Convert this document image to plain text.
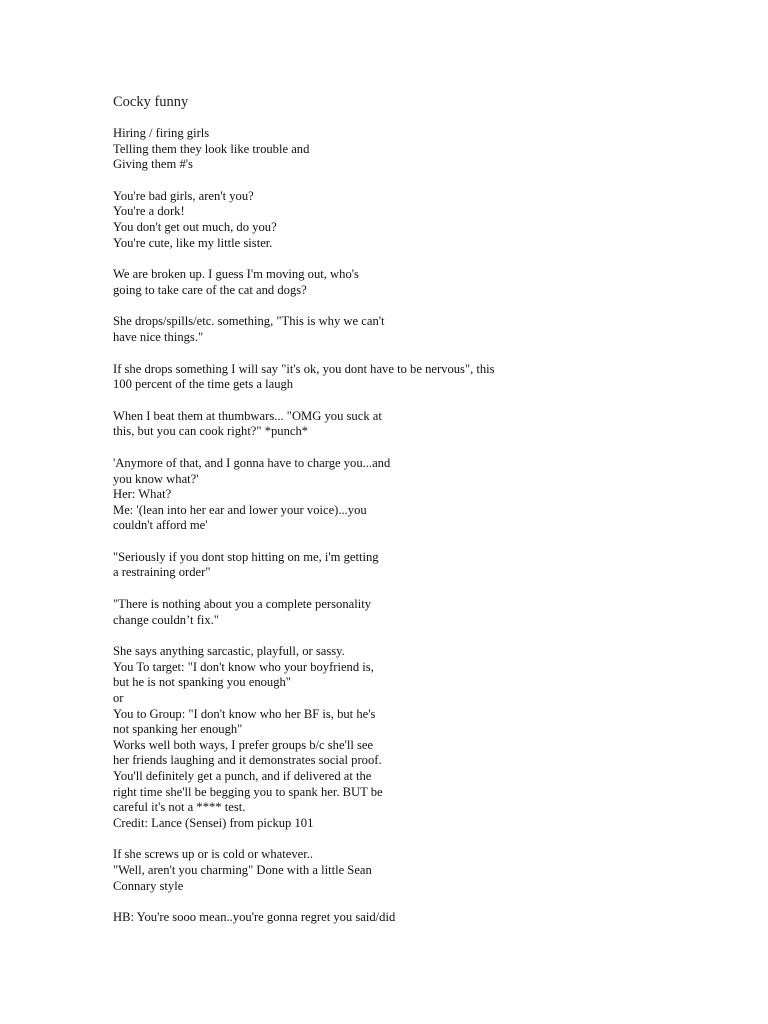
Cocky funny
Hiring / firing girls
Telling them they look like trouble and
Giving them #'s
You're bad girls, aren't you?
You're a dork!
You don't get out much, do you?
You're cute, like my little sister.
We are broken up. I guess I'm moving out, who's
going to take care of the cat and dogs?
She drops/spills/etc. something, "This is why we can't
have nice things."
If she drops something I will say "it's ok, you dont have to be nervous", this
100 percent of the time gets a laugh
When I beat them at thumbwars... "OMG you suck at
this, but you can cook right?" *punch*
'Anymore of that, and I gonna have to charge you...and
you know what?'
Her: What?
Me: '(lean into her ear and lower your voice)...you
couldn't afford me'
"Seriously if you dont stop hitting on me, i'm getting
a restraining order"
"There is nothing about you a complete personality
change couldn’t fix."
She says anything sarcastic, playfull, or sassy.
You To target: "I don't know who your boyfriend is,
but he is not spanking you enough"
or
You to Group: "I don't know who her BF is, but he's
not spanking her enough"
Works well both ways, I prefer groups b/c she'll see
her friends laughing and it demonstrates social proof.
You'll definitely get a punch, and if delivered at the
right time she'll be begging you to spank her. BUT be
careful it's not a **** test.
Credit: Lance (Sensei) from pickup 101
If she screws up or is cold or whatever..
"Well, aren't you charming" Done with a little Sean
Connary style
HB: You're sooo mean..you're gonna regret you said/did
